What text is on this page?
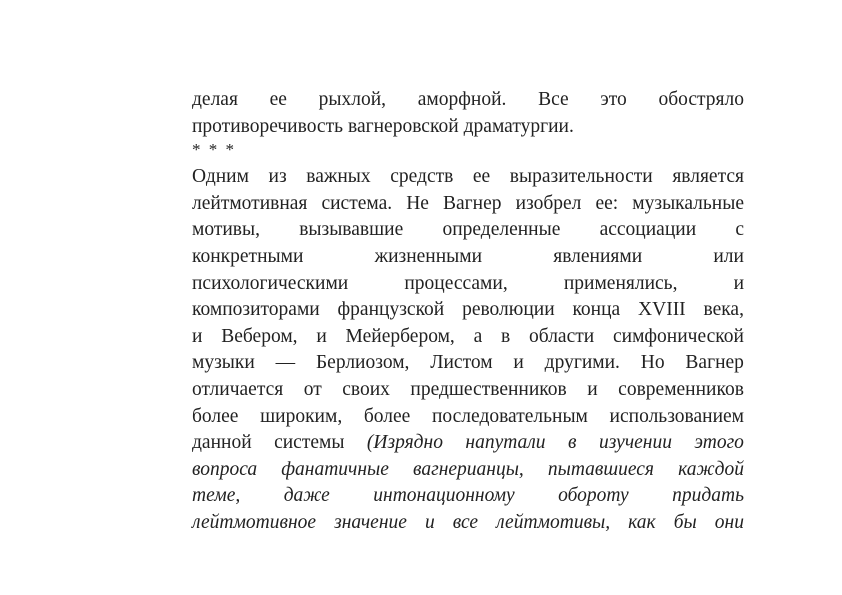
делая ее рыхлой, аморфной. Все это обостряло
противоречивость вагнеровской драматургии.
* * *
Одним из важных средств ее выразительности является
лейтмотивная система. Не Вагнер изобрел ее: музыкальные
мотивы, вызывавшие определенные ассоциации с
конкретными	жизненными	явлениями	или
психологическими	процессами,	применялись,	и
композиторами французской революции конца XVIII века,
и Вебером, и Мейербером, а в области симфонической
музыки — Берлиозом, Листом и другими. Но Вагнер
отличается от своих предшественников и современников
более широким, более последовательным использованием
данной системы (Изрядно напутали в изучении этого
вопроса фанатичные вагнерианцы, пытавшиеся каждой
теме, даже интонационному обороту придать
лейтмотивное значение и все лейтмотивы, как бы они
